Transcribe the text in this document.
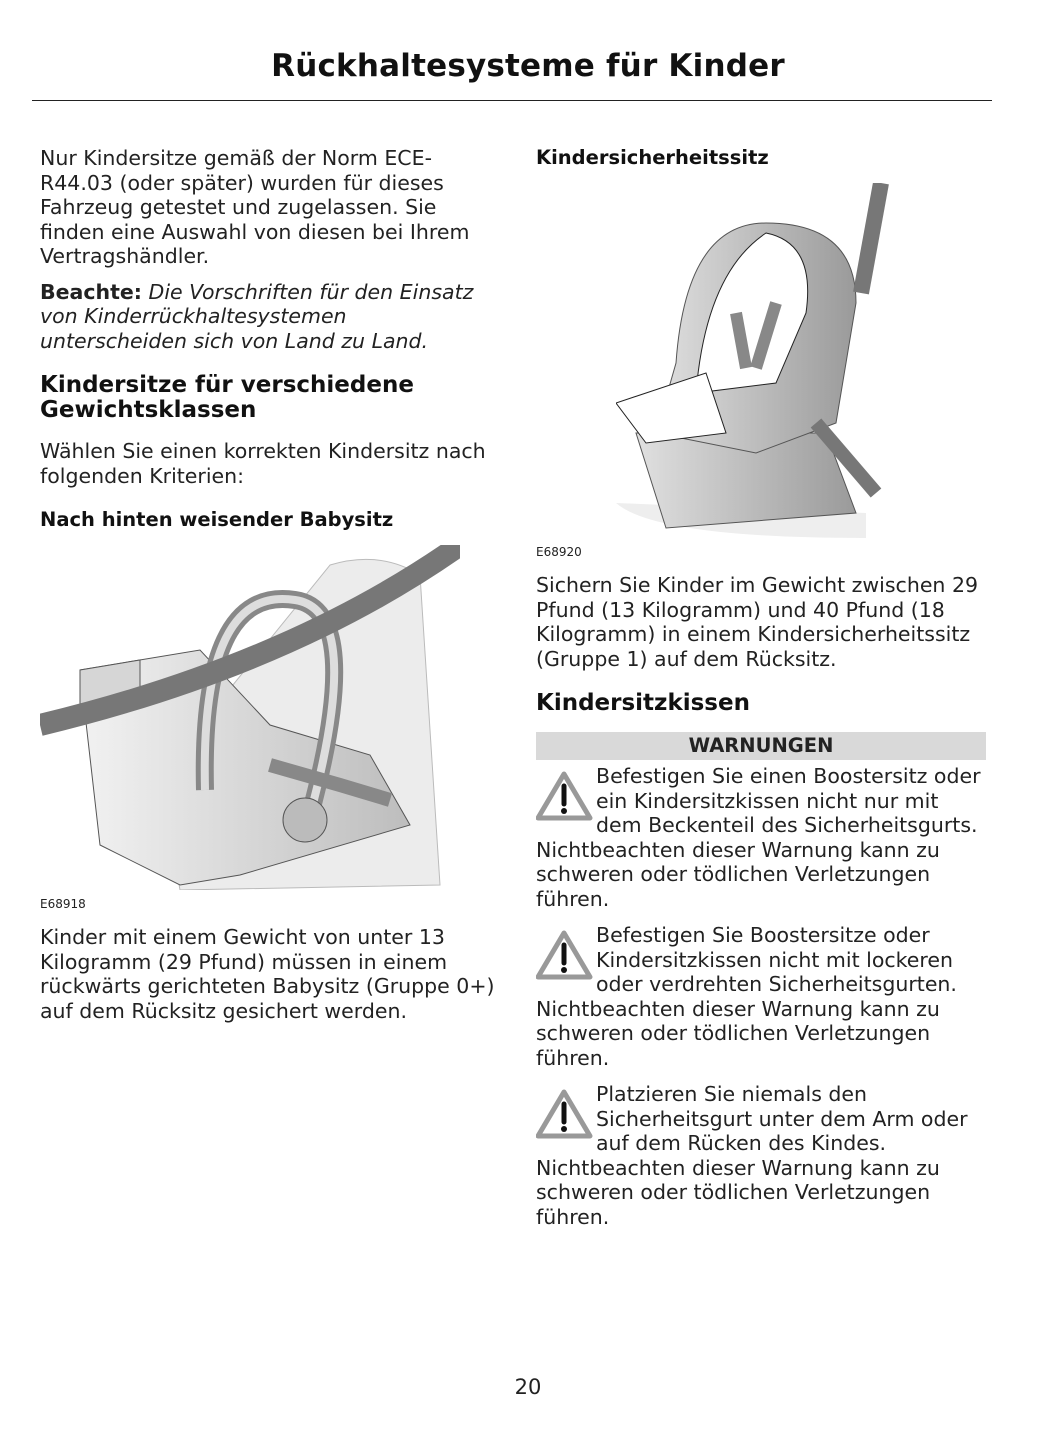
Rückhaltesysteme für Kinder

Nur Kindersitze gemäß der Norm ECE-R44.03 (oder später) wurden für dieses Fahrzeug getestet und zugelassen. Sie finden eine Auswahl von diesen bei Ihrem Vertragshändler.

Beachte: Die Vorschriften für den Einsatz von Kinderrückhaltesystemen unterscheiden sich von Land zu Land.

Kindersitze für verschiedene Gewichtsklassen

Wählen Sie einen korrekten Kindersitz nach folgenden Kriterien:

Nach hinten weisender Babysitz
E68918

Kinder mit einem Gewicht von unter 13 Kilogramm (29 Pfund) müssen in einem rückwärts gerichteten Babysitz (Gruppe 0+) auf dem Rücksitz gesichert werden.

Kindersicherheitssitz
E68920

Sichern Sie Kinder im Gewicht zwischen 29 Pfund (13 Kilogramm) und 40 Pfund (18 Kilogramm) in einem Kindersicherheitssitz (Gruppe 1) auf dem Rücksitz.

Kindersitzkissen
WARNUNGEN
Befestigen Sie einen Boostersitz oder ein Kindersitzkissen nicht nur mit dem Beckenteil des Sicherheitsgurts. Nichtbeachten dieser Warnung kann zu schweren oder tödlichen Verletzungen führen.
Befestigen Sie Boostersitze oder Kindersitzkissen nicht mit lockeren oder verdrehten Sicherheitsgurten. Nichtbeachten dieser Warnung kann zu schweren oder tödlichen Verletzungen führen.
Platzieren Sie niemals den Sicherheitsgurt unter dem Arm oder auf dem Rücken des Kindes. Nichtbeachten dieser Warnung kann zu schweren oder tödlichen Verletzungen führen.
20
